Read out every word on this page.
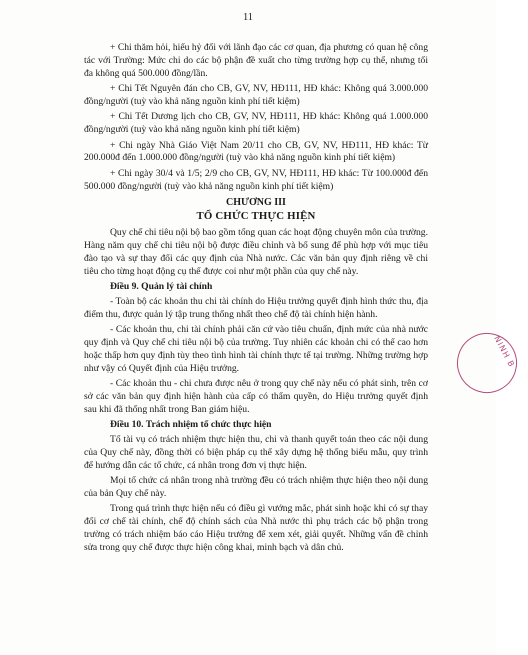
11

+ Chi thăm hỏi, hiếu hỷ đối với lãnh đạo các cơ quan, địa phương có quan hệ công tác với Trường: Mức chi do các bộ phận đề xuất cho từng trường hợp cụ thể, nhưng tối đa không quá 500.000 đồng/lần.

+ Chi Tết Nguyên đán cho CB, GV, NV, HĐ111, HĐ khác: Không quá 3.000.000 đồng/người (tuỳ vào khả năng nguồn kinh phí tiết kiệm)

+ Chi Tết Dương lịch cho CB, GV, NV, HĐ111, HĐ khác: Không quá 1.000.000 đồng/người (tuỳ vào khả năng nguồn kinh phí tiết kiệm)

+ Chi ngày Nhà Giáo Việt Nam 20/11 cho CB, GV, NV, HĐ111, HĐ khác: Từ 200.000đ đến 1.000.000 đồng/người (tuỳ vào khả năng nguồn kinh phí tiết kiệm)

+ Chi ngày 30/4 và 1/5; 2/9 cho CB, GV, NV, HĐ111, HĐ khác: Từ 100.000đ đến 500.000 đồng/người (tuỳ vào khả năng nguồn kinh phí tiết kiệm)

CHƯƠNG III
TỔ CHỨC THỰC HIỆN

Quy chế chi tiêu nội bộ bao gồm tổng quan các hoạt động chuyên môn của trường. Hàng năm quy chế chi tiêu nội bộ được điều chỉnh và bổ sung để phù hợp với mục tiêu đào tạo và sự thay đổi các quy định của Nhà nước. Các văn bản quy định riêng về chi tiêu cho từng hoạt động cụ thể được coi như một phần của quy chế này.

Điều 9. Quản lý tài chính

- Toàn bộ các khoản thu chi tài chính do Hiệu trưởng quyết định hình thức thu, địa điểm thu, được quản lý tập trung thống nhất theo chế độ tài chính hiện hành.

- Các khoản thu, chi tài chính phải căn cứ vào tiêu chuẩn, định mức của nhà nước quy định và Quy chế chi tiêu nội bộ của trường. Tuy nhiên các khoản chi có thể cao hơn hoặc thấp hơn quy định tùy theo tình hình tài chính thực tế tại trường. Những trường hợp như vậy có Quyết định của Hiệu trưởng.

- Các khoản thu - chi chưa được nêu ở trong quy chế này nếu có phát sinh, trên cơ sở các văn bản quy định hiện hành của cấp có thẩm quyền, do Hiệu trưởng quyết định sau khi đã thống nhất trong Ban giám hiệu.

Điều 10. Trách nhiệm tổ chức thực hiện

Tổ tài vụ có trách nhiệm thực hiện thu, chi và thanh quyết toán theo các nội dung của Quy chế này, đồng thời có biện pháp cụ thể xây dựng hệ thống biểu mẫu, quy trình để hướng dẫn các tổ chức, cá nhân trong đơn vị thực hiện.

Mọi tổ chức cá nhân trong nhà trường đều có trách nhiệm thực hiện theo nội dung của bản Quy chế này.

Trong quá trình thực hiện nếu có điều gì vướng mắc, phát sinh hoặc khi có sự thay đổi cơ chế tài chính, chế độ chính sách của Nhà nước thì phụ trách các bộ phận trong trường có trách nhiệm báo cáo Hiệu trưởng để xem xét, giải quyết. Những vấn đề chỉnh sửa trong quy chế được thực hiện công khai, minh bạch và dân chủ.

NINH B
